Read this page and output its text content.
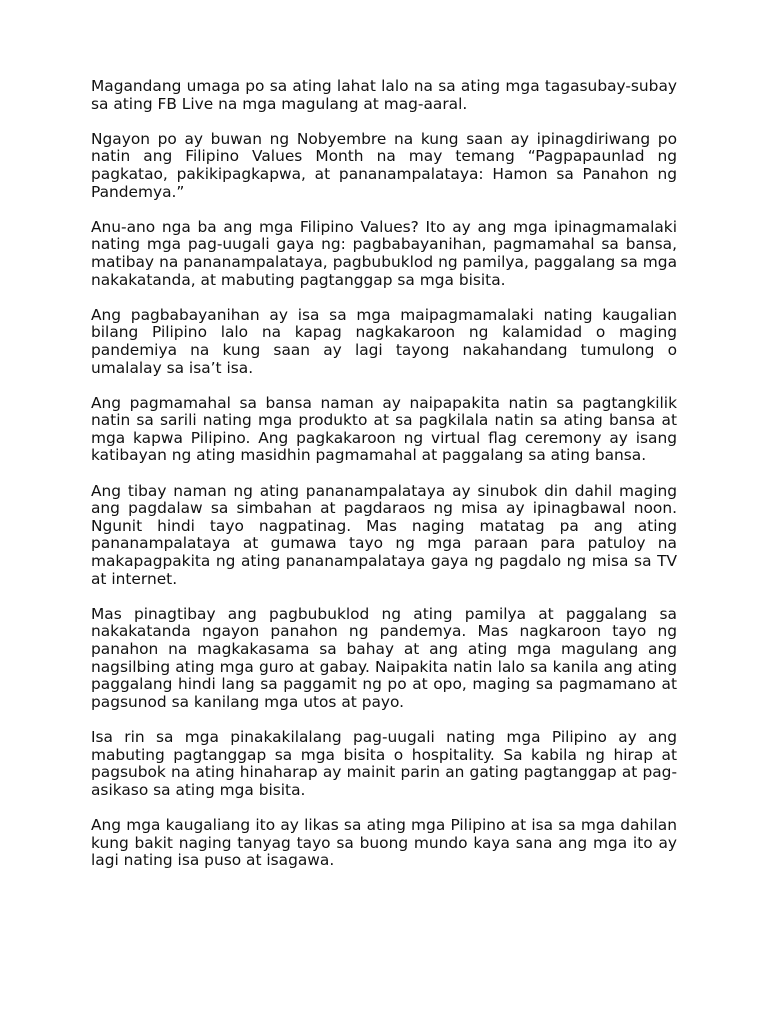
Magandang umaga po sa ating lahat lalo na sa ating mga tagasubay-subay sa ating FB Live na mga magulang at mag-aaral.

Ngayon po ay buwan ng Nobyembre na kung saan ay ipinagdiriwang po natin ang Filipino Values Month na may temang “Pagpapaunlad ng pagkatao, pakikipagkapwa, at pananampalataya: Hamon sa Panahon ng Pandemya.”

Anu-ano nga ba ang mga Filipino Values? Ito ay ang mga ipinagmamalaki nating mga pag-uugali gaya ng: pagbabayanihan, pagmamahal sa bansa, matibay na pananampalataya, pagbubuklod ng pamilya, paggalang sa mga nakakatanda, at mabuting pagtanggap sa mga bisita.

Ang pagbabayanihan ay isa sa mga maipagmamalaki nating kaugalian bilang Pilipino lalo na kapag nagkakaroon ng kalamidad o maging pandemiya na kung saan ay lagi tayong nakahandang tumulong o umalalay sa isa’t isa.

Ang pagmamahal sa bansa naman ay naipapakita natin sa pagtangkilik natin sa sarili nating mga produkto at sa pagkilala natin sa ating bansa at mga kapwa Pilipino. Ang pagkakaroon ng virtual flag ceremony ay isang katibayan ng ating masidhin pagmamahal at paggalang sa ating bansa.

Ang tibay naman ng ating pananampalataya ay sinubok din dahil maging ang pagdalaw sa simbahan at pagdaraos ng misa ay ipinagbawal noon. Ngunit hindi tayo nagpatinag. Mas naging matatag pa ang ating pananampalataya at gumawa tayo ng mga paraan para patuloy na makapagpakita ng ating pananampalataya gaya ng pagdalo ng misa sa TV at internet.

Mas pinagtibay ang pagbubuklod ng ating pamilya at paggalang sa nakakatanda ngayon panahon ng pandemya. Mas nagkaroon tayo ng panahon na magkakasama sa bahay at ang ating mga magulang ang nagsilbing ating mga guro at gabay. Naipakita natin lalo sa kanila ang ating paggalang hindi lang sa paggamit ng po at opo, maging sa pagmamano at pagsunod sa kanilang mga utos at payo.

Isa rin sa mga pinakakilalang pag-uugali nating mga Pilipino ay ang mabuting pagtanggap sa mga bisita o hospitality. Sa kabila ng hirap at pagsubok na ating hinaharap ay mainit parin an gating pagtanggap at pag-asikaso sa ating mga bisita.

Ang mga kaugaliang ito ay likas sa ating mga Pilipino at isa sa mga dahilan kung bakit naging tanyag tayo sa buong mundo kaya sana ang mga ito ay lagi nating isa puso at isagawa.
